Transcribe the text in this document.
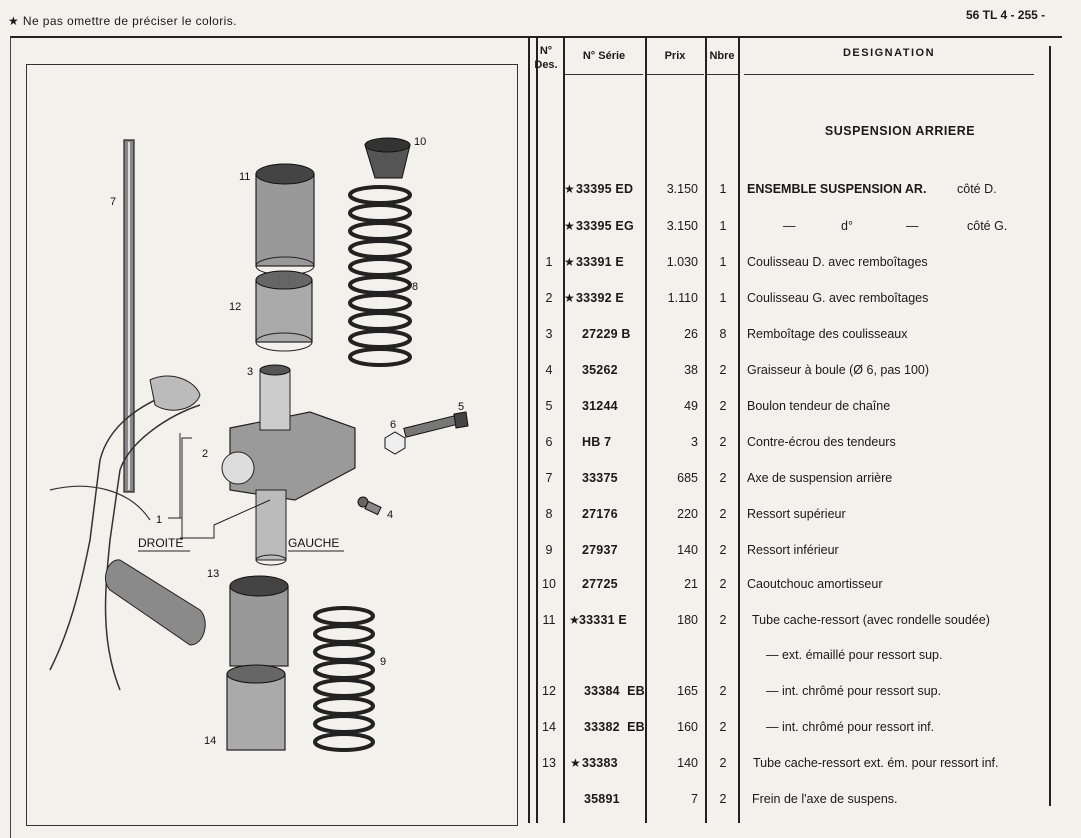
★ Ne pas omettre de préciser le coloris.	56 TL 4 - 255 -
1
2
3
4
5
6
7
8
9
10
11
12
13
14
DROITE	GAUCHE
N° Des.
N° Série	Prix	Nbre	DESIGNATION
SUSPENSION ARRIERE
★ 33395 ED	3.150	1	ENSEMBLE SUSPENSION AR. côté D.
★ 33395 EG	3.150	1	—	d°	—	côté G.
1 ★ 33391 E	1.030	1	Coulisseau D. avec remboîtages
2 ★ 33392 E	1.110	1	Coulisseau G. avec remboîtages
3	27229 B	26	8	Remboîtage des coulisseaux
4	35262	38	2	Graisseur à boule (Ø 6, pas 100)
5	31244	49	2	Boulon tendeur de chaîne
6	HB 7	3	2	Contre-écrou des tendeurs
7	33375	685	2	Axe de suspension arrière
8	27176	220	2	Ressort supérieur
9	27937	140	2	Ressort inférieur
10	27725	21	2	Caoutchouc amortisseur
11	★ 33331 E	180	2	Tube cache-ressort (avec rondelle soudée)
— ext. émaillé pour ressort sup.
12	33384  EB	165	2	— int. chrômé pour ressort sup.
14	33382  EB	160	2	— int. chrômé pour ressort inf.
13	★ 33383	140	2	Tube cache-ressort ext. ém. pour ressort inf.
35891	7	2	Frein de l'axe de suspens.
